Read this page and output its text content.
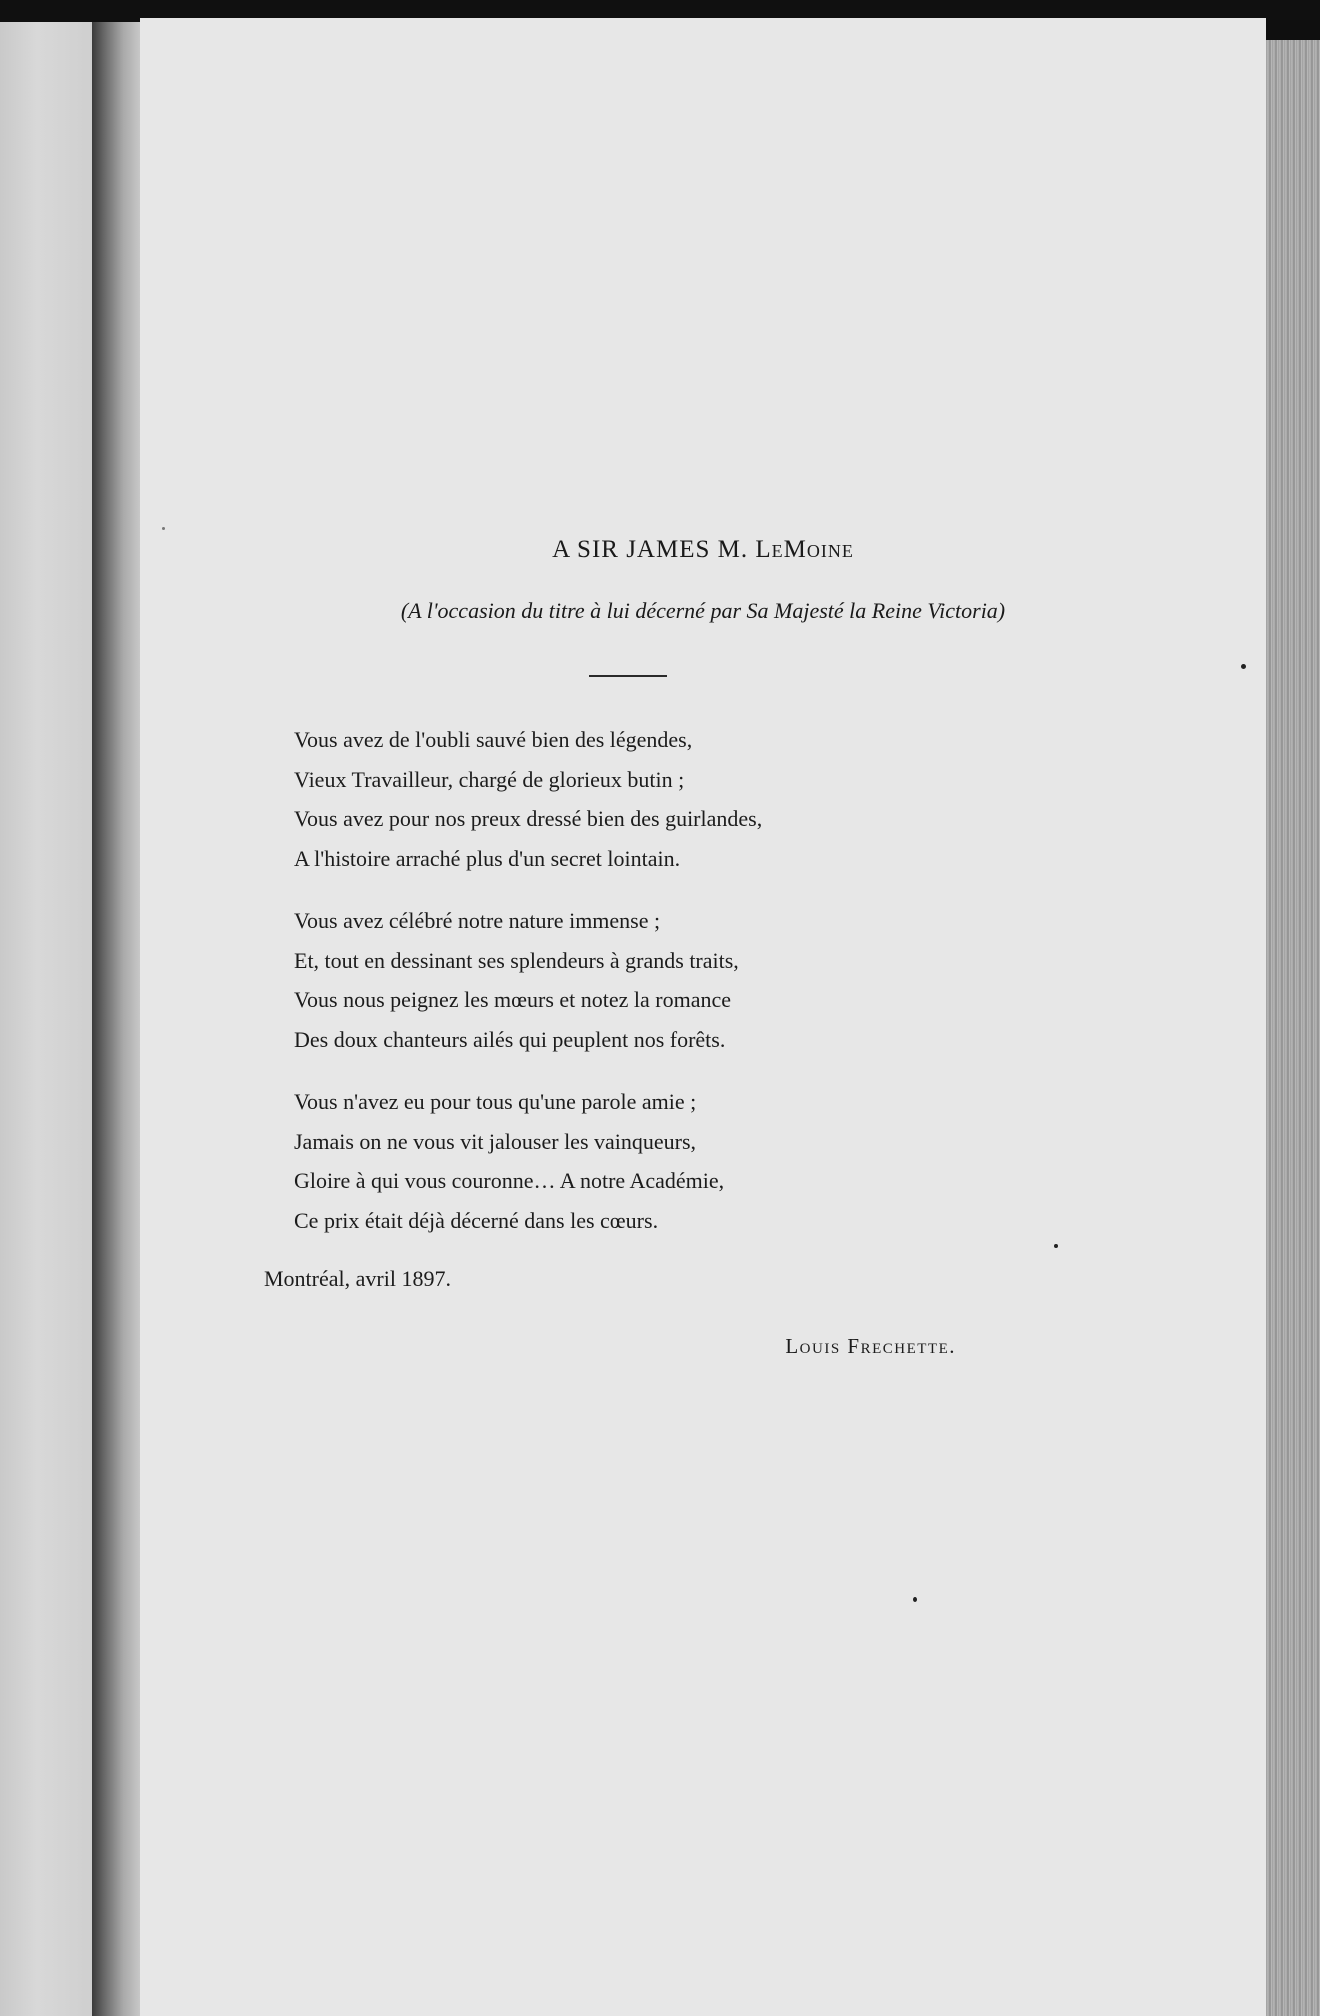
A SIR JAMES M. LeMoine
(A l'occasion du titre à lui décerné par Sa Majesté la Reine Victoria)
Vous avez de l'oubli sauvé bien des légendes,
Vieux Travailleur, chargé de glorieux butin ;
Vous avez pour nos preux dressé bien des guirlandes,
A l'histoire arraché plus d'un secret lointain.
Vous avez célébré notre nature immense ;
Et, tout en dessinant ses splendeurs à grands traits,
Vous nous peignez les mœurs et notez la romance
Des doux chanteurs ailés qui peuplent nos forêts.
Vous n'avez eu pour tous qu'une parole amie ;
Jamais on ne vous vit jalouser les vainqueurs,
Gloire à qui vous couronne… A notre Académie,
Ce prix était déjà décerné dans les cœurs.
Montréal, avril 1897.
Louis Frechette.
